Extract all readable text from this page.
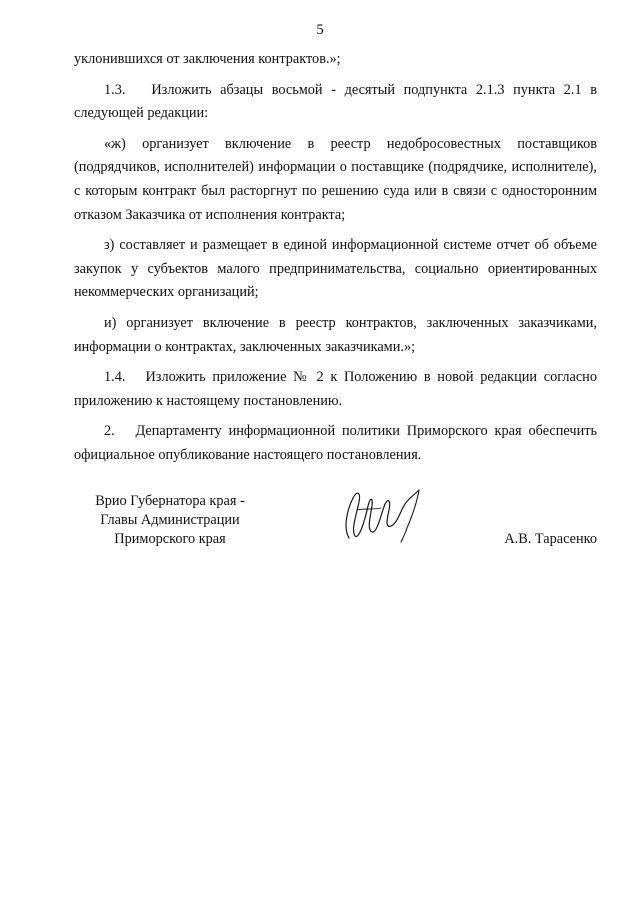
5

уклонившихся от заключения контрактов.»;

1.3.   Изложить абзацы восьмой - десятый подпункта 2.1.3 пункта 2.1 в следующей редакции:

«ж) организует включение в реестр недобросовестных поставщиков (подрядчиков, исполнителей) информации о поставщике (подрядчике, исполнителе), с которым контракт был расторгнут по решению суда или в связи с односторонним отказом Заказчика от исполнения контракта;

з) составляет и размещает в единой информационной системе отчет об объеме закупок у субъектов малого предпринимательства, социально ориентированных некоммерческих организаций;

и) организует включение в реестр контрактов, заключенных заказчиками, информации о контрактах, заключенных заказчиками.»;

1.4.   Изложить приложение № 2 к Положению в новой редакции согласно приложению к настоящему постановлению.

2.   Департаменту информационной политики Приморского края обеспечить официальное опубликование настоящего постановления.

Врио Губернатора края -
Главы Администрации
Приморского края	А.В. Тарасенко
